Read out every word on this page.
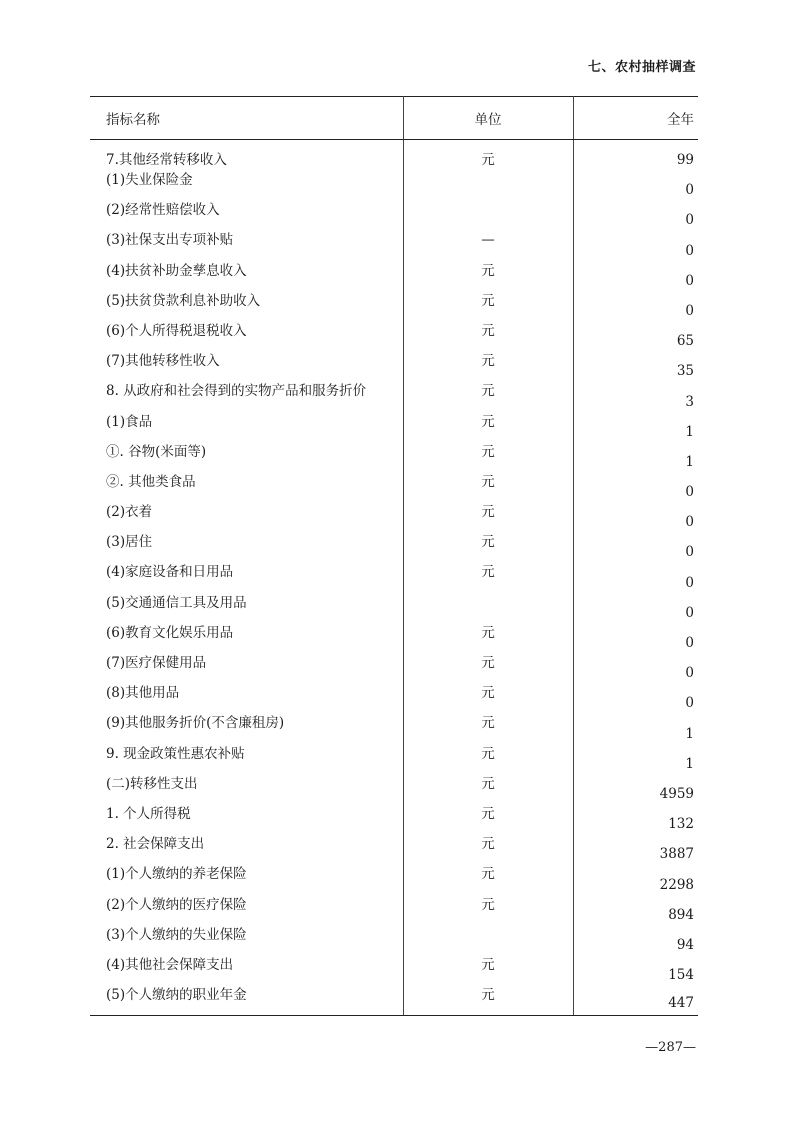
七、农村抽样调查
指标名称	单位	全年
7.其他经常转移收入	元	99
(1)失业保险金		0
(2)经常性赔偿收入		0
(3)社保支出专项补贴	—	0
(4)扶贫补助金孳息收入	元	0
(5)扶贫贷款利息补助收入	元	0
(6)个人所得税退税收入	元	65
(7)其他转移性收入	元	35
8. 从政府和社会得到的实物产品和服务折价	元	3
(1)食品	元	1
①. 谷物(米面等)	元	1
②. 其他类食品	元	0
(2)衣着	元	0
(3)居住	元	0
(4)家庭设备和日用品	元	0
(5)交通通信工具及用品		0
(6)教育文化娱乐用品	元	0
(7)医疗保健用品	元	0
(8)其他用品	元	0
(9)其他服务折价(不含廉租房)	元	1
9. 现金政策性惠农补贴	元	1
(二)转移性支出	元	4959
1. 个人所得税	元	132
2. 社会保障支出	元	3887
(1)个人缴纳的养老保险	元	2298
(2)个人缴纳的医疗保险	元	894
(3)个人缴纳的失业保险		94
(4)其他社会保障支出	元	154
(5)个人缴纳的职业年金	元	447
—287—
